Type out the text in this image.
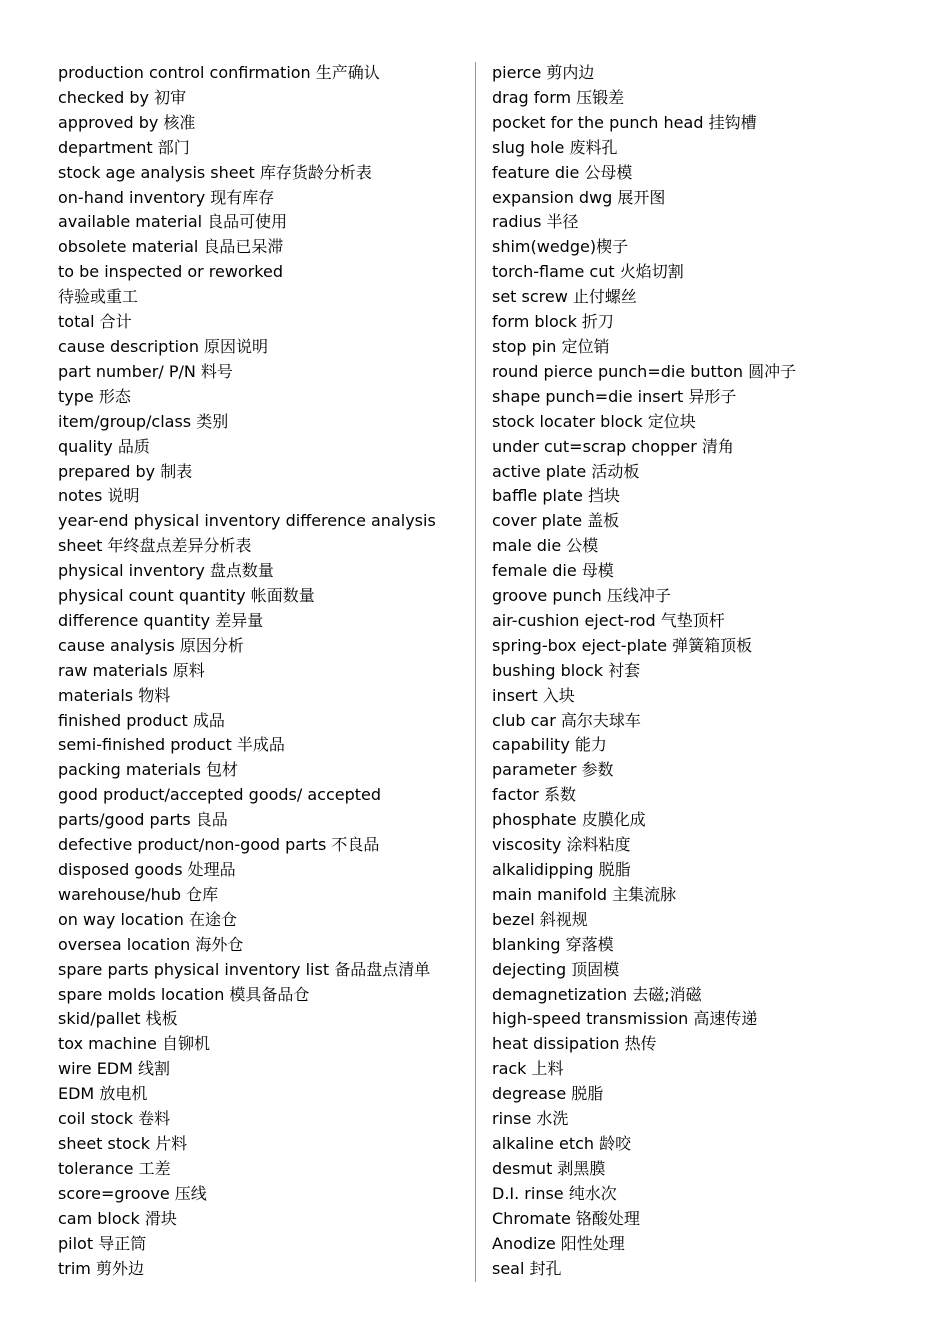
production control confirmation 生产确认

checked by 初审

approved by 核准

department 部门

stock age analysis sheet 库存货龄分析表

on-hand inventory 现有库存

available material 良品可使用

obsolete material 良品已呆滞

to be inspected or reworked

待验或重工

total 合计

cause description 原因说明

part number/ P/N 料号

type 形态

item/group/class 类别

quality 品质

prepared by 制表

notes 说明

year-end physical inventory difference analysis

sheet 年终盘点差异分析表

physical inventory 盘点数量

physical count quantity 帐面数量

difference quantity 差异量

cause analysis 原因分析

raw materials 原料

materials 物料

finished product 成品

semi-finished product 半成品

packing materials 包材

good product/accepted goods/ accepted

parts/good parts 良品

defective product/non-good parts 不良品

disposed goods 处理品

warehouse/hub 仓库

on way location 在途仓

oversea location 海外仓

spare parts physical inventory list 备品盘点清单

spare molds location 模具备品仓

skid/pallet 栈板

tox machine 自铆机

wire EDM 线割

EDM 放电机

coil stock 卷料

sheet stock 片料

tolerance 工差

score=groove 压线

cam block 滑块

pilot 导正筒

trim 剪外边

pierce 剪内边

drag form 压锻差

pocket for the punch head 挂钩槽

slug hole 废料孔

feature die 公母模

expansion dwg 展开图

radius 半径

shim(wedge)楔子

torch-flame cut 火焰切割

set screw 止付螺丝

form block 折刀

stop pin 定位销

round pierce punch=die button 圆冲子

shape punch=die insert 异形子

stock locater block 定位块

under cut=scrap chopper 清角

active plate 活动板

baffle plate 挡块

cover plate 盖板

male die 公模

female die 母模

groove punch 压线冲子

air-cushion eject-rod 气垫顶杆

spring-box eject-plate 弹簧箱顶板

bushing block 衬套

insert 入块

club car 高尔夫球车

capability 能力

parameter 参数

factor 系数

phosphate 皮膜化成

viscosity 涂料粘度

alkalidipping 脱脂

main manifold 主集流脉

bezel 斜视规

blanking 穿落模

dejecting 顶固模

demagnetization 去磁;消磁

high-speed transmission 高速传递

heat dissipation 热传

rack 上料

degrease 脱脂

rinse 水洗

alkaline etch 龄咬

desmut 剥黑膜

D.I. rinse 纯水次

Chromate 铬酸处理

Anodize 阳性处理

seal 封孔
